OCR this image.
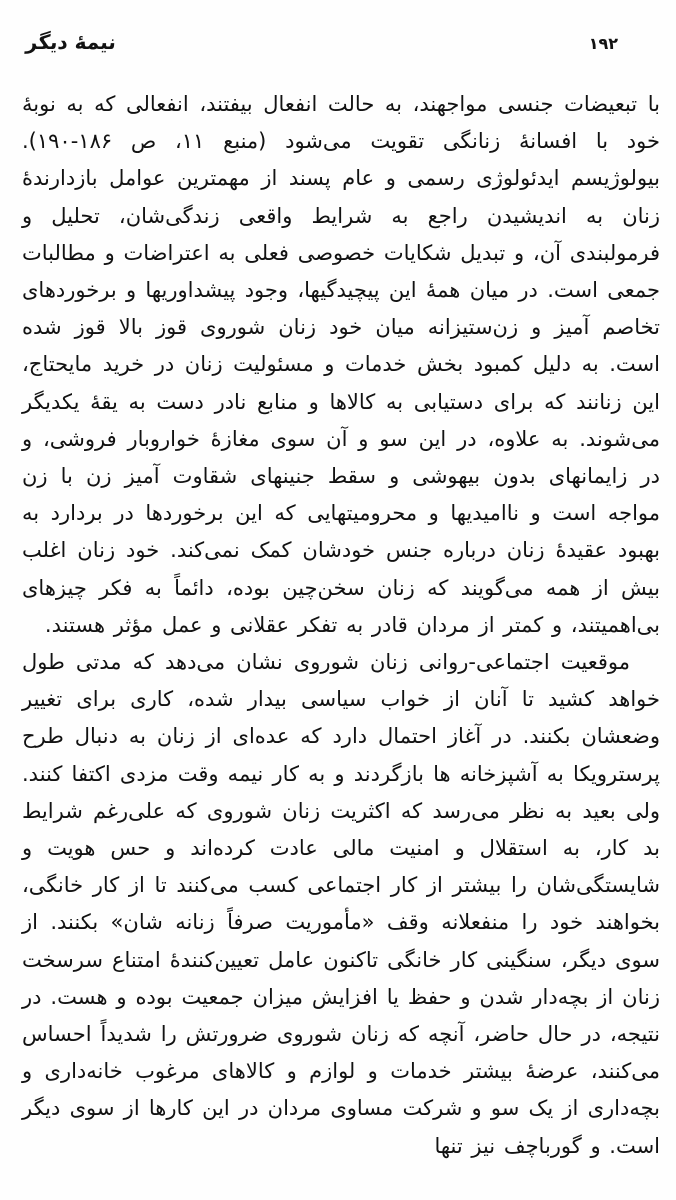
نیمهٔ دیگر	۱۹۲

با تبعیضات جنسی مواجهند، به حالت انفعال بیفتند، انفعالی که به نوبهٔ خود با افسانهٔ زنانگی تقویت می‌شود (منبع ۱۱، ص ۱۸۶-۱۹۰). بیولوژیسم ایدئولوژی رسمی و عام پسند از مهمترین عوامل بازدارندهٔ زنان به اندیشیدن راجع به شرایط واقعی زندگی‌شان، تحلیل و فرمولبندی آن، و تبدیل شکایات خصوصی فعلی به اعتراضات و مطالبات جمعی است. در میان همهٔ این پیچیدگیها، وجود پیشداوریها و برخوردهای تخاصم آمیز و زن‌ستیزانه میان خود زنان شوروی قوز بالا قوز شده است. به دلیل کمبود بخش خدمات و مسئولیت زنان در خرید مایحتاج، این زنانند که برای دستیابی به کالاها و منابع نادر دست به یقهٔ یکدیگر می‌شوند. به علاوه، در این سو و آن سوی مغازهٔ خواروبار فروشی، و در زایمانهای بدون بیهوشی و سقط جنینهای شقاوت آمیز زن با زن مواجه است و ناامیدیها و محرومیتهایی که این برخوردها در بردارد به بهبود عقیدهٔ زنان درباره جنس خودشان کمک نمی‌کند. خود زنان اغلب بیش از همه می‌گویند که زنان سخن‌چین بوده، دائماً به فکر چیزهای بی‌اهمیتند، و کمتر از مردان قادر به تفکر عقلانی و عمل مؤثر هستند.

موقعیت اجتماعی-روانی زنان شوروی نشان می‌دهد که مدتی طول خواهد کشید تا آنان از خواب سیاسی بیدار شده، کاری برای تغییر وضعشان بکنند. در آغاز احتمال دارد که عده‌ای از زنان به دنبال طرح پرسترویکا به آشپزخانه ها بازگردند و به کار نیمه وقت مزدی اکتفا کنند. ولی بعید به نظر می‌رسد که اکثریت زنان شوروی که علی‌رغم شرایط بد کار، به استقلال و امنیت مالی عادت کرده‌اند و حس هویت و شایستگی‌شان را بیشتر از کار اجتماعی کسب می‌کنند تا از کار خانگی، بخواهند خود را منفعلانه وقف «مأموریت صرفاً زنانه شان» بکنند. از سوی دیگر، سنگینی کار خانگی تاکنون عامل تعیین‌کنندهٔ امتناع سرسخت زنان از بچه‌دار شدن و حفظ یا افزایش میزان جمعیت بوده و هست. در نتیجه، در حال حاضر، آنچه که زنان شوروی ضرورتش را شدیداً احساس می‌کنند، عرضهٔ بیشتر خدمات و لوازم و کالاهای مرغوب خانه‌داری و بچه‌داری از یک سو و شرکت مساوی مردان در این کارها از سوی دیگر است. و گورباچف نیز تنها
